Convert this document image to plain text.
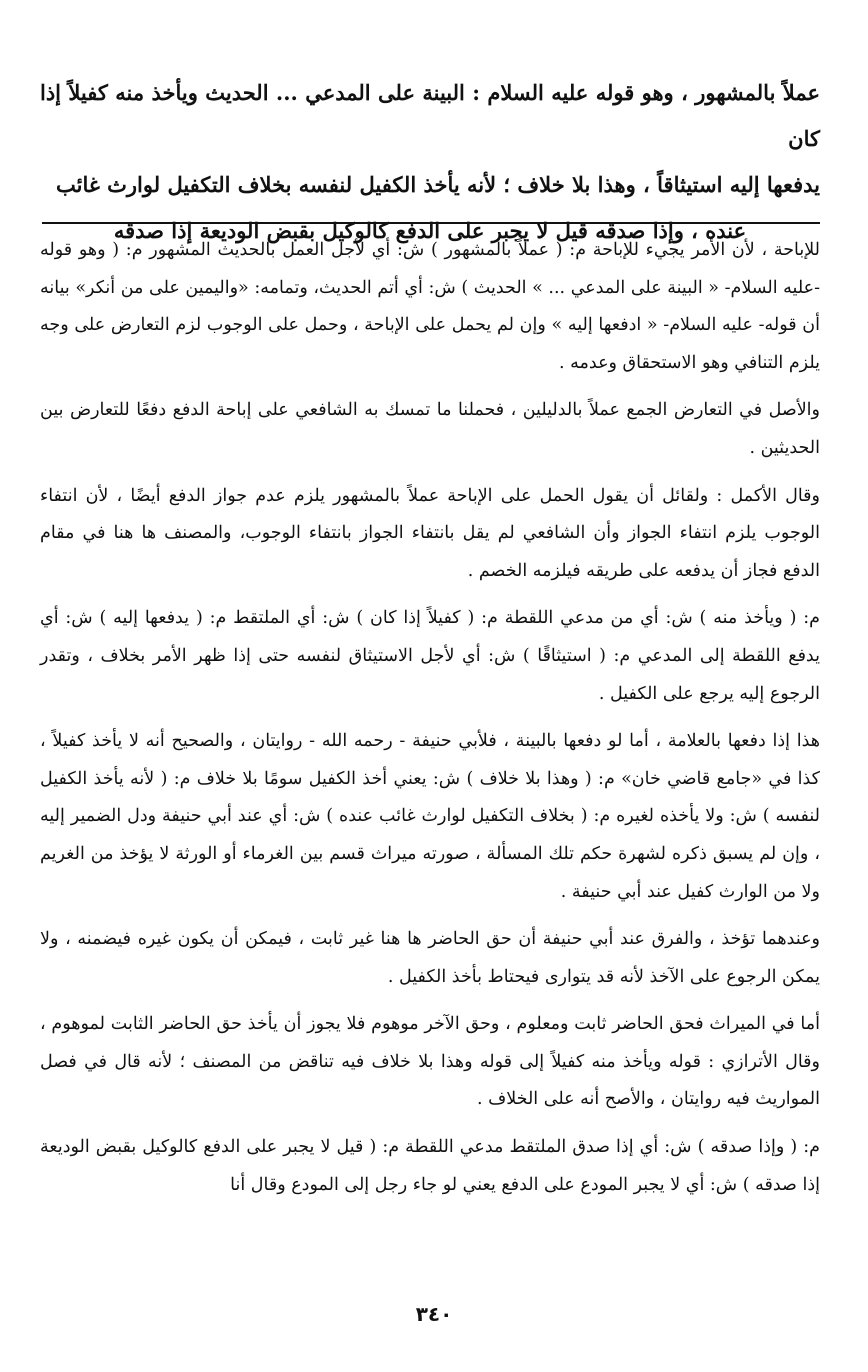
عملاً بالمشهور ، وهو قوله عليه السلام : البينة على المدعي ... الحديث ويأخذ منه كفيلاً إذا كان

يدفعها إليه استيثاقاً ، وهذا بلا خلاف ؛ لأنه يأخذ الكفيل لنفسه بخلاف التكفيل لوارث غائب

عنده ، وإذا صدقه قيل لا يجبر على الدفع كالوكيل بقبض الوديعة إذا صدقه

للإباحة ، لأن الأمر يجيء للإباحة م: ( عملاً بالمشهور ) ش: أي لأجل العمل بالحديث المشهور م: ( وهو قوله -عليه السلام- « البينة على المدعي ... » الحديث ) ش: أي أتم الحديث، وتمامه: «واليمين على من أنكر» بيانه أن قوله- عليه السلام- « ادفعها إليه » وإن لم يحمل على الإباحة ، وحمل على الوجوب لزم التعارض على وجه يلزم التنافي وهو الاستحقاق وعدمه .

والأصل في التعارض الجمع عملاً بالدليلين ، فحملنا ما تمسك به الشافعي على إباحة الدفع دفعًا للتعارض بين الحديثين .

وقال الأكمل : ولقائل أن يقول الحمل على الإباحة عملاً بالمشهور يلزم عدم جواز الدفع أيضًا ، لأن انتفاء الوجوب يلزم انتفاء الجواز وأن الشافعي لم يقل بانتفاء الجواز بانتفاء الوجوب، والمصنف ها هنا في مقام الدفع فجاز أن يدفعه على طريقه فيلزمه الخصم .

م: ( ويأخذ منه ) ش: أي من مدعي اللقطة م: ( كفيلاً إذا كان ) ش: أي الملتقط م: ( يدفعها إليه ) ش: أي يدفع اللقطة إلى المدعي م: ( استيثاقًا ) ش: أي لأجل الاستيثاق لنفسه حتى إذا ظهر الأمر بخلاف ، وتقدر الرجوع إليه يرجع على الكفيل .

هذا إذا دفعها بالعلامة ، أما لو دفعها بالبينة ، فلأبي حنيفة - رحمه الله - روايتان ، والصحيح أنه لا يأخذ كفيلاً ، كذا في «جامع قاضي خان» م: ( وهذا بلا خلاف ) ش: يعني أخذ الكفيل سومًا بلا خلاف م: ( لأنه يأخذ الكفيل لنفسه ) ش: ولا يأخذه لغيره م: ( بخلاف التكفيل لوارث غائب عنده ) ش: أي عند أبي حنيفة ودل الضمير إليه ، وإن لم يسبق ذكره لشهرة حكم تلك المسألة ، صورته ميراث قسم بين الغرماء أو الورثة لا يؤخذ من الغريم ولا من الوارث كفيل عند أبي حنيفة .

وعندهما تؤخذ ، والفرق عند أبي حنيفة أن حق الحاضر ها هنا غير ثابت ، فيمكن أن يكون غيره فيضمنه ، ولا يمكن الرجوع على الآخذ لأنه قد يتوارى فيحتاط بأخذ الكفيل .

أما في الميراث فحق الحاضر ثابت ومعلوم ، وحق الآخر موهوم فلا يجوز أن يأخذ حق الحاضر الثابت لموهوم ، وقال الأترازي : قوله ويأخذ منه كفيلاً إلى قوله وهذا بلا خلاف فيه تناقض من المصنف ؛ لأنه قال في فصل المواريث فيه روايتان ، والأصح أنه على الخلاف .

م: ( وإذا صدقه ) ش: أي إذا صدق الملتقط مدعي اللقطة م: ( قيل لا يجبر على الدفع كالوكيل بقبض الوديعة إذا صدقه ) ش: أي لا يجبر المودع على الدفع يعني لو جاء رجل إلى المودع وقال أنا

٣٤٠
